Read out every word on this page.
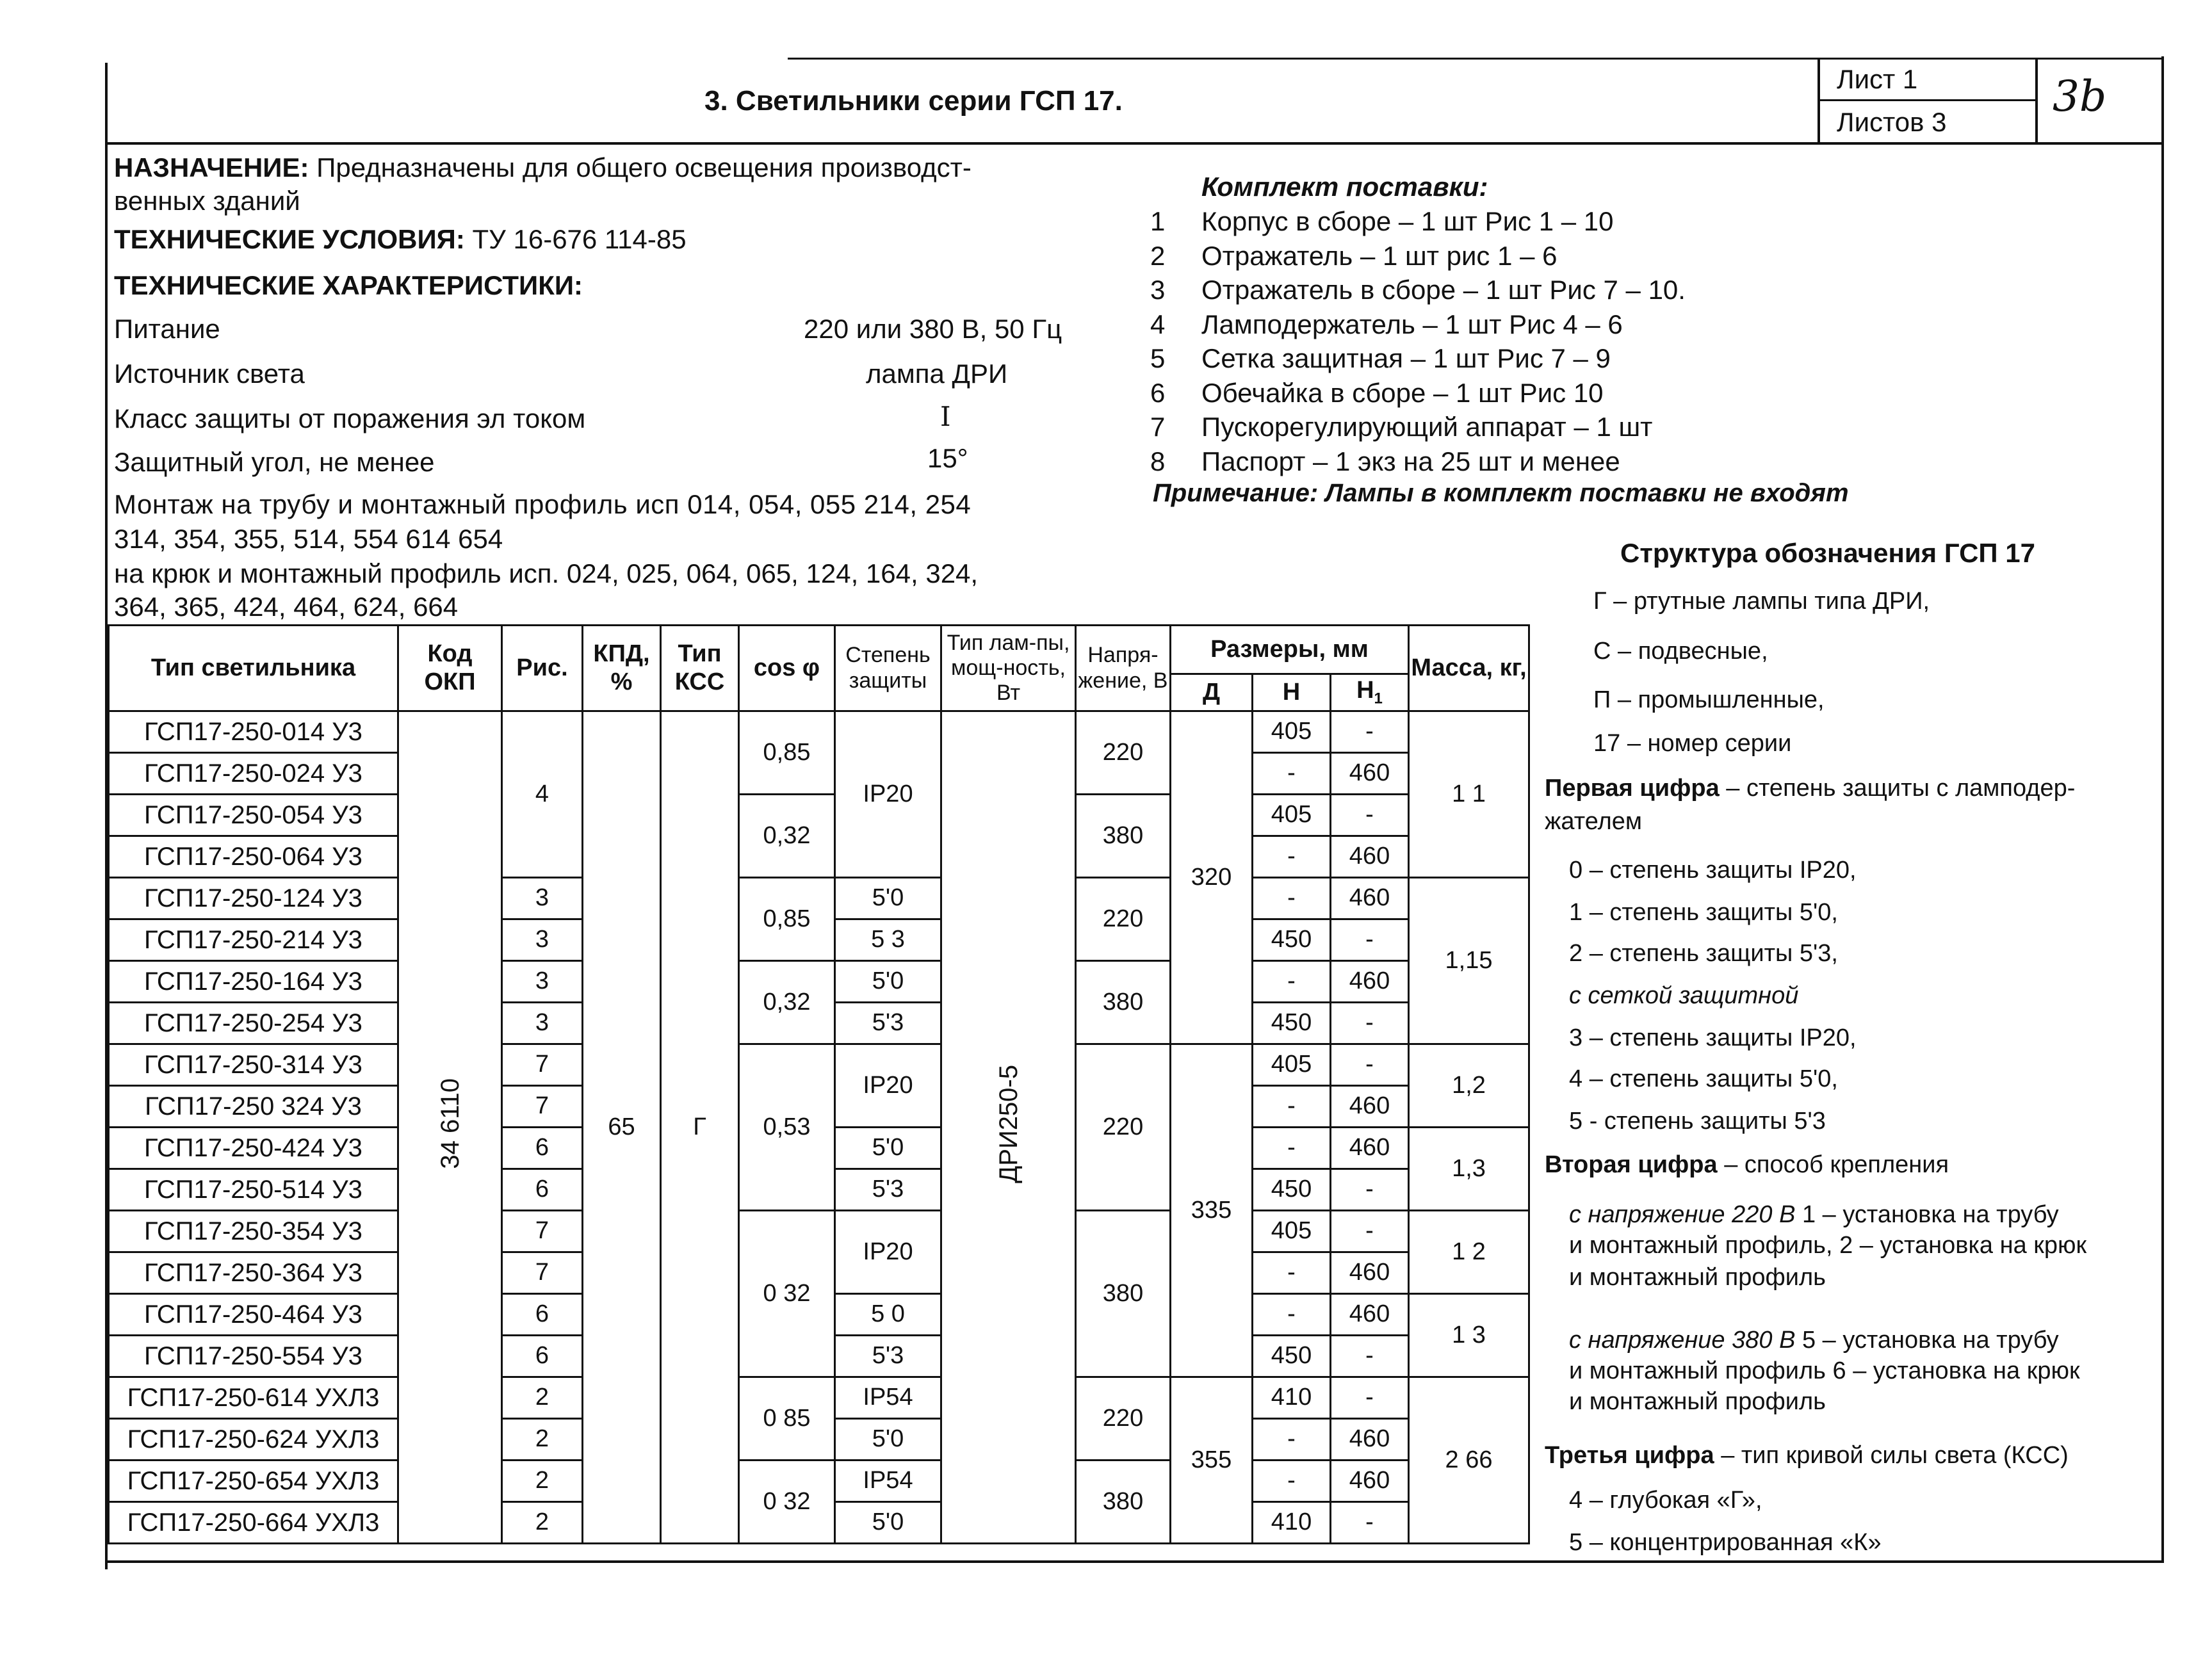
3. Светильники серии ГСП 17.
Лист 1
Листов 3
3b
НАЗНАЧЕНИЕ: Предназначены для общего освещения производст-
венных зданий
ТЕХНИЧЕСКИЕ УСЛОВИЯ: ТУ 16-676 114-85
ТЕХНИЧЕСКИЕ ХАРАКТЕРИСТИКИ:
Питание	220 или 380 В, 50 Гц
Источник света	лампа ДРИ
Класс защиты от поражения эл током	I
Защитный угол, не менее	15°
Монтаж на трубу и монтажный профиль исп 014, 054, 055 214, 254
314, 354, 355, 514, 554 614 654
на крюк и монтажный профиль исп. 024, 025, 064, 065, 124, 164, 324,
364, 365, 424, 464, 624, 664
Комплект поставки:
1 Корпус в сборе – 1 шт Рис 1 – 10
2 Отражатель – 1 шт рис 1 – 6
3 Отражатель в сборе – 1 шт Рис 7 – 10.
4 Ламподержатель – 1 шт Рис 4 – 6
5 Сетка защитная – 1 шт Рис 7 – 9
6 Обечайка в сборе – 1 шт Рис 10
7 Пускорегулирующий аппарат – 1 шт
8 Паспорт – 1 экз на 25 шт и менее
Примечание: Лампы в комплект поставки не входят
Структура обозначения ГСП 17
Г – ртутные лампы типа ДРИ,
С – подвесные,
П – промышленные,
17 – номер серии
Первая цифра – степень защиты с ламподер-
жателем
0 – степень защиты IP20,
1 – степень защиты 5'0,
2 – степень защиты 5'3,
с сеткой защитной
3 – степень защиты IP20,
4 – степень защиты 5'0,
5 - степень защиты 5'3
Вторая цифра – способ крепления
с напряжение 220 В 1 – установка на трубу
и монтажный профиль, 2 – установка на крюк
и монтажный профиль
с напряжение 380 В 5 – установка на трубу
и монтажный профиль 6 – установка на крюк
и монтажный профиль
Третья цифра – тип кривой силы света (КСС)
4 – глубокая «Г»,
5 – концентрированная «К»
Тип светильника	Код ОКП	Рис.	КПД, %	Тип КСС	cos φ	Степень защиты	Тип лам-пы, мощ-ность, Вт	Напря-жение, В	Размеры, мм			Масса, кг,
									Д	Н	$Н_1$
ГСП17-250-014 У3	34 6110	4	65	Г	0,85	IP20	ДРИ250-5	220	320	405	-	1 1
ГСП17-250-024 У3										-	460	
ГСП17-250-054 У3					0,32			380		405	-	
ГСП17-250-064 У3										-	460	
ГСП17-250-124 У3		3			0,85	5'0		220		-	460	1,15
ГСП17-250-214 У3		3				5 3				450	-	
ГСП17-250-164 У3		3			0,32	5'0		380		-	460	
ГСП17-250-254 У3		3				5'3				450	-	
ГСП17-250-314 У3		7			0,53	IP20		220	335	405	-	1,2
ГСП17-250 324 У3		7								-	460	
ГСП17-250-424 У3		6				5'0				-	460	1,3
ГСП17-250-514 У3		6				5'3				450	-	
ГСП17-250-354 У3		7			0 32	IP20		380		405	-	1 2
ГСП17-250-364 У3		7								-	460	
ГСП17-250-464 У3		6				5 0				-	460	1 3
ГСП17-250-554 У3		6				5'3				450	-	
ГСП17-250-614 УХЛ3		2			0 85	IP54		220	355	410	-	2 66
ГСП17-250-624 УХЛ3		2				5'0				-	460	
ГСП17-250-654 УХЛ3		2			0 32	IP54		380		-	460	
ГСП17-250-664 УХЛ3		2				5'0				410	-	
